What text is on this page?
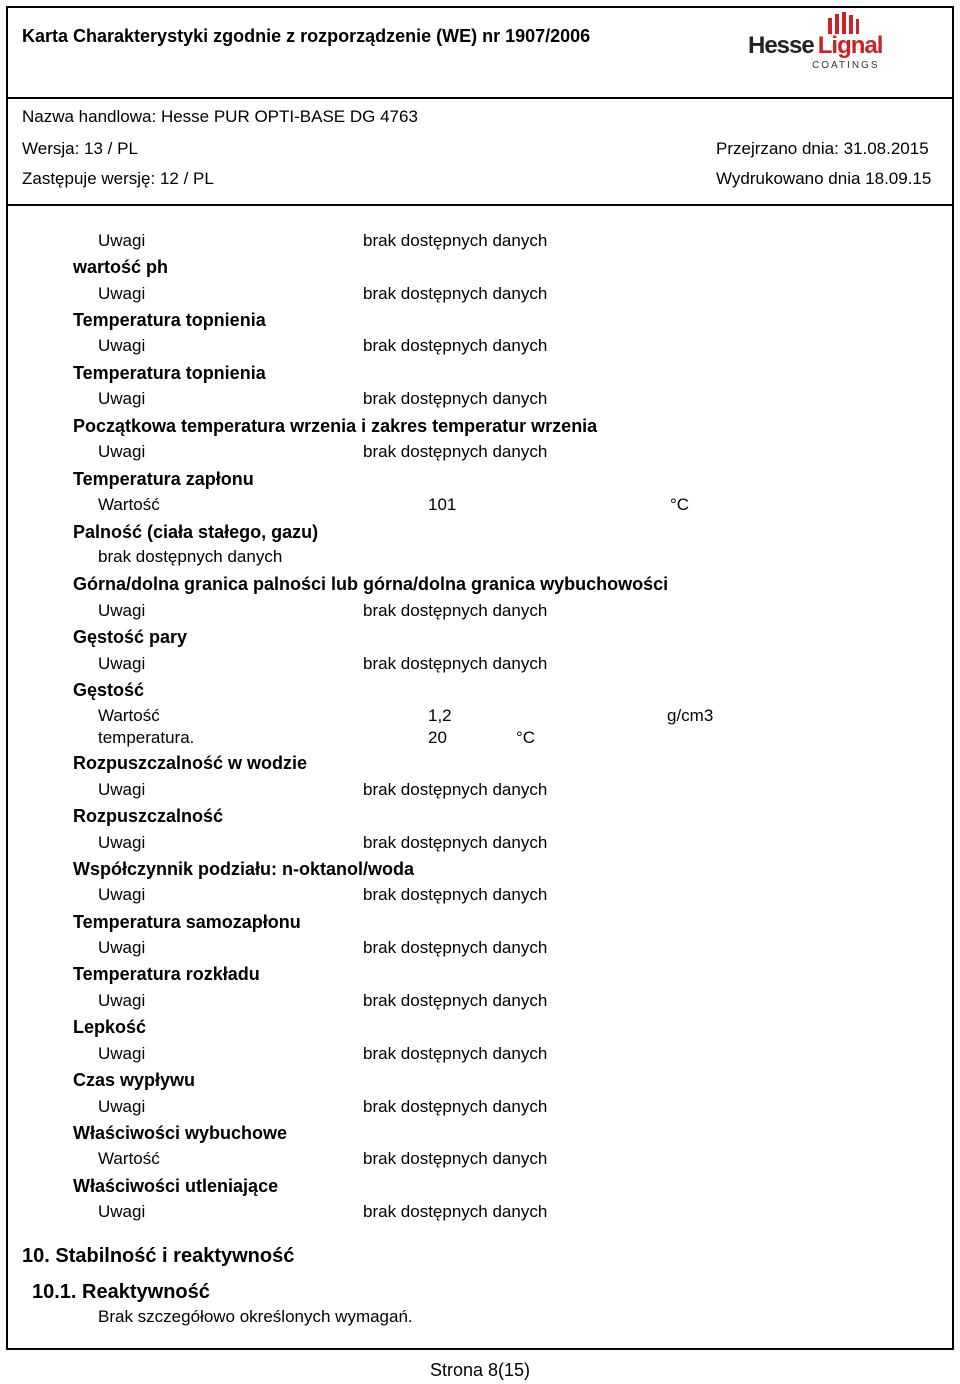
Karta Charakterystyki zgodnie z rozporządzenie (WE) nr 1907/2006	Hesse Lignal
COATINGS
Nazwa handlowa: Hesse PUR OPTI-BASE DG 4763
Wersja: 13 / PL
Zastępuje wersję: 12 / PL
Przejrzano dnia: 31.08.2015
Wydrukowano dnia 18.09.15
Uwagi	brak dostępnych danych
wartość ph
Uwagi	brak dostępnych danych
Temperatura topnienia
Uwagi	brak dostępnych danych
Temperatura topnienia
Uwagi	brak dostępnych danych
Początkowa temperatura wrzenia i zakres temperatur wrzenia
Uwagi	brak dostępnych danych
Temperatura zapłonu
Wartość	101	°C
Palność (ciała stałego, gazu)
brak dostępnych danych
Górna/dolna granica palności lub górna/dolna granica wybuchowości
Uwagi	brak dostępnych danych
Gęstość pary
Uwagi	brak dostępnych danych
Gęstość
Wartość	1,2	g/cm3
temperatura.	20	°C
Rozpuszczalność w wodzie
Uwagi	brak dostępnych danych
Rozpuszczalność
Uwagi	brak dostępnych danych
Współczynnik podziału: n-oktanol/woda
Uwagi	brak dostępnych danych
Temperatura samozapłonu
Uwagi	brak dostępnych danych
Temperatura rozkładu
Uwagi	brak dostępnych danych
Lepkość
Uwagi	brak dostępnych danych
Czas wypływu
Uwagi	brak dostępnych danych
Właściwości wybuchowe
Wartość	brak dostępnych danych
Właściwości utleniające
Uwagi	brak dostępnych danych
10. Stabilność i reaktywność
10.1. Reaktywność
Brak szczegółowo określonych wymagań.
Strona 8(15)
